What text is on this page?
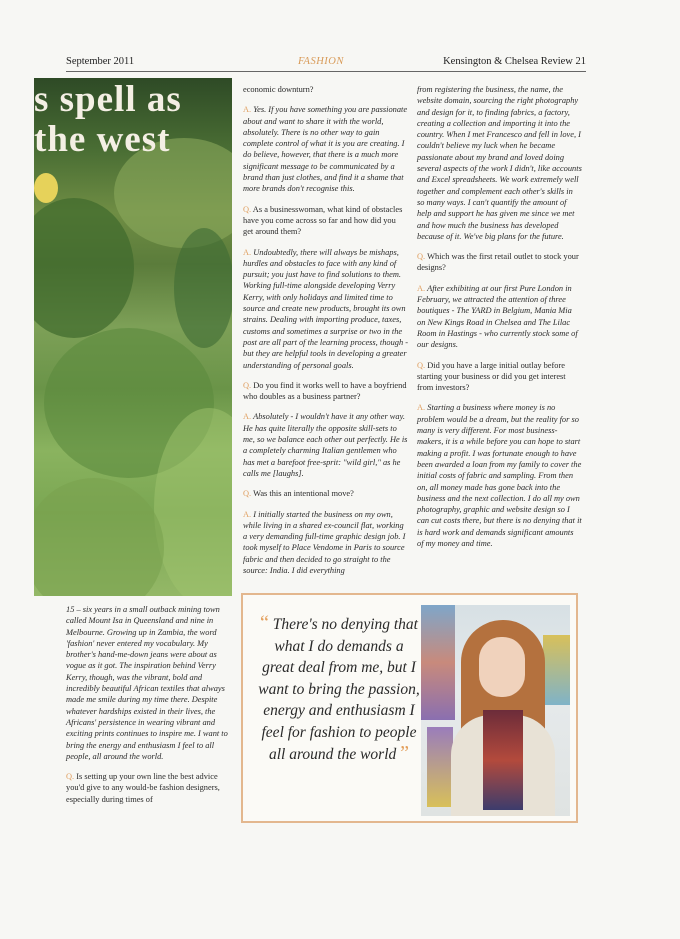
September 2011	FASHION	Kensington & Chelsea Review 21
s spell as
the west

economic downturn?

A. Yes. If you have something you are passionate about and want to share it with the world, absolutely. There is no other way to gain complete control of what it is you are creating. I do believe, however, that there is a much more significant message to be communicated by a brand than just clothes, and find it a shame that more brands don't recognise this.

Q. As a businesswoman, what kind of obstacles have you come across so far and how did you get around them?

A. Undoubtedly, there will always be mishaps, hurdles and obstacles to face with any kind of pursuit; you just have to find solutions to them. Working full-time alongside developing Verry Kerry, with only holidays and limited time to source and create new products, brought its own strains. Dealing with importing produce, taxes, customs and sometimes a surprise or two in the post are all part of the learning process, though - but they are helpful tools in developing a greater understanding of personal goals.

Q. Do you find it works well to have a boyfriend who doubles as a business partner?

A. Absolutely - I wouldn't have it any other way. He has quite literally the opposite skill-sets to me, so we balance each other out perfectly. He is a completely charming Italian gentlemen who has met a barefoot free-sprit: "wild girl," as he calls me [laughs].

Q. Was this an intentional move?

A. I initially started the business on my own, while living in a shared ex-council flat, working a very demanding full-time graphic design job. I took myself to Place Vendome in Paris to source fabric and then decided to go straight to the source: India. I did everything

from registering the business, the name, the website domain, sourcing the right photography and design for it, to finding fabrics, a factory, creating a collection and importing it into the country. When I met Francesco and fell in love, I couldn't believe my luck when he became passionate about my brand and loved doing several aspects of the work I didn't, like accounts and Excel spreadsheets. We work extremely well together and complement each other's skills in so many ways. I can't quantify the amount of help and support he has given me since we met and how much the business has developed because of it. We've big plans for the future.

Q. Which was the first retail outlet to stock your designs?

A. After exhibiting at our first Pure London in February, we attracted the attention of three boutiques - The YARD in Belgium, Mania Mia on New Kings Road in Chelsea and The Lilac Room in Hastings - who currently stock some of our designs.

Q. Did you have a large initial outlay before starting your business or did you get interest from investors?

A. Starting a business where money is no problem would be a dream, but the reality for so many is very different. For most business-makers, it is a while before you can hope to start making a profit. I was fortunate enough to have been awarded a loan from my family to cover the initial costs of fabric and sampling. From then on, all money made has gone back into the business and the next collection. I do all my own photography, graphic and website design so I can cut costs there, but there is no denying that it is hard work and demands significant amounts of my money and time.

15 – six years in a small outback mining town called Mount Isa in Queensland and nine in Melbourne. Growing up in Zambia, the word 'fashion' never entered my vocabulary. My brother's hand-me-down jeans were about as vogue as it got. The inspiration behind Verry Kerry, though, was the vibrant, bold and incredibly beautiful African textiles that always made me smile during my time there. Despite whatever hardships existed in their lives, the Africans' persistence in wearing vibrant and exciting prints continues to inspire me. I want to bring the energy and enthusiasm I feel to all people, all around the world.

Q. Is setting up your own line the best advice you'd give to any would-be fashion designers, especially during times of

“ There's no denying that what I do demands a great deal from me, but I want to bring the passion, energy and enthusiasm I feel for fashion to people all around the world ”
